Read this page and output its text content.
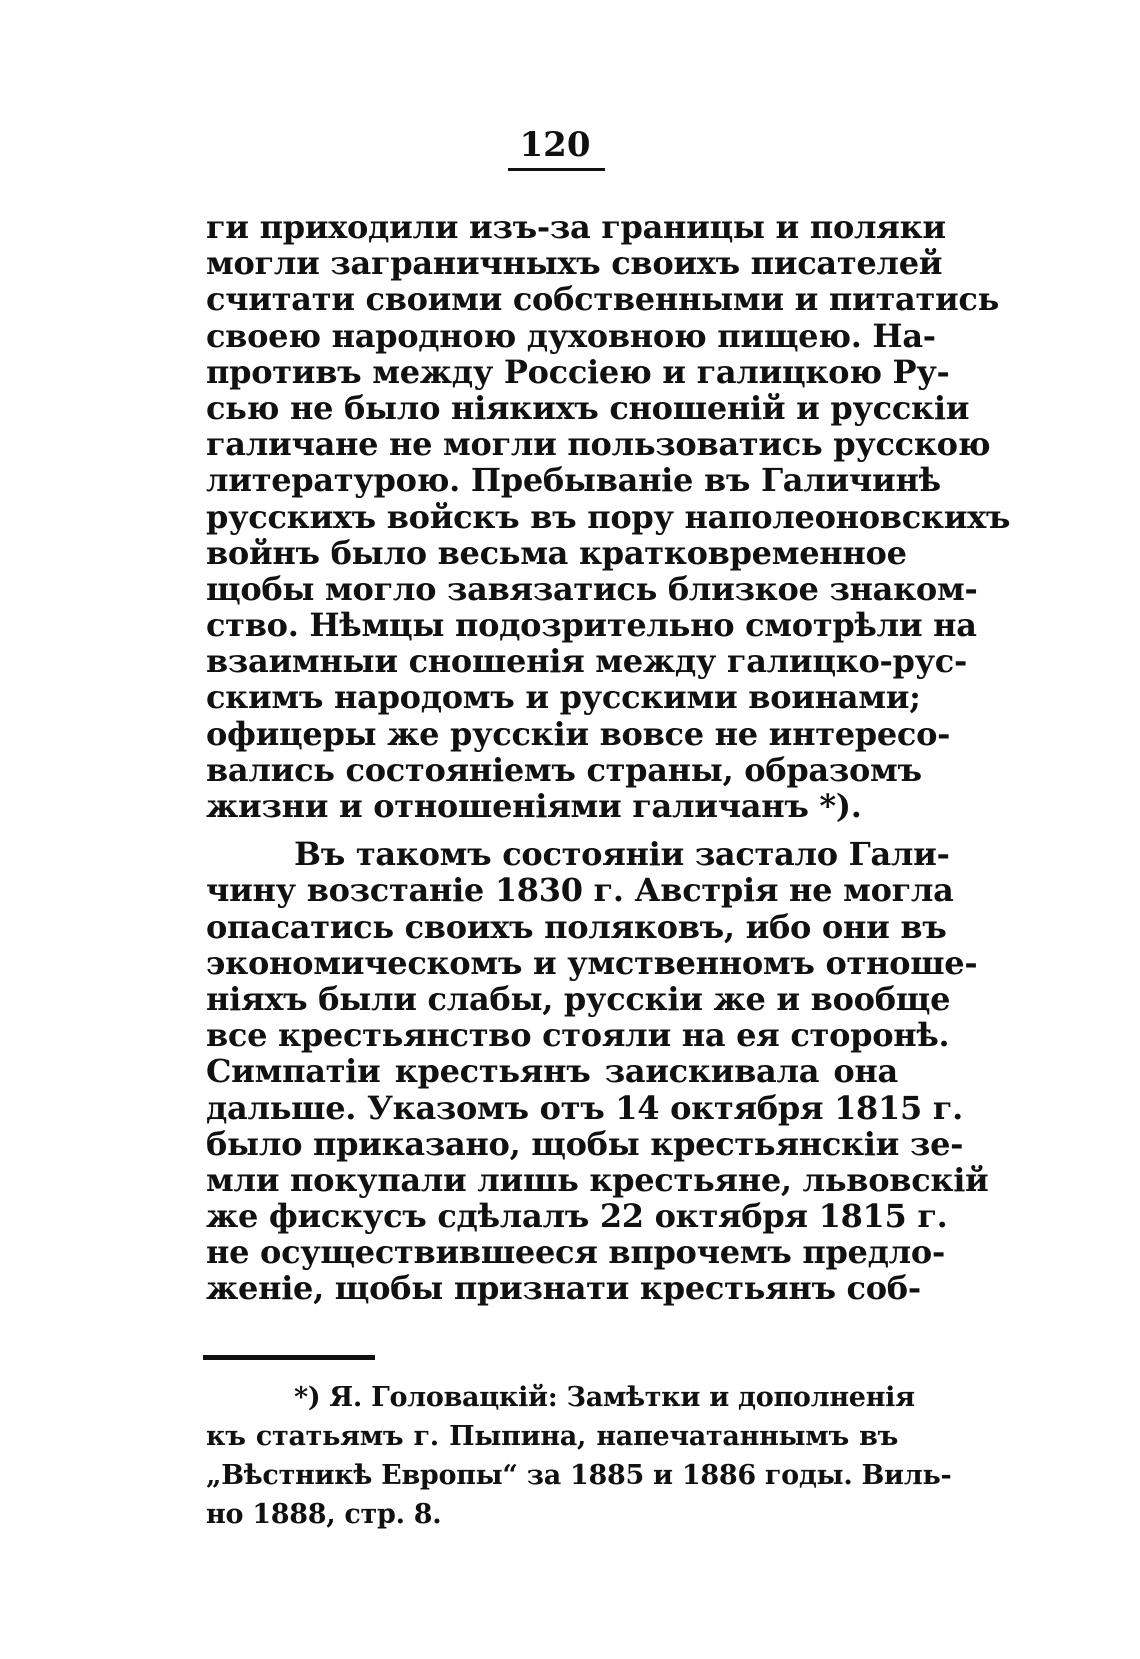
120
ги приходили изъ-за границы и поляки
могли заграничныхъ своихъ писателей
считати своими собственными и питатись
своею народною духовною пищею. На-
противъ между Россiею и галицкою Ру-
сью не было нiякихъ сношенiй и русскiи
галичане не могли пользоватись русскою
литературою. Пребыванiе въ Галичинѣ
русскихъ войскъ въ пору наполеоновскихъ
войнъ было весьма кратковременное
щобы могло завязатись близкое знаком-
ство. Нѣмцы подозрительно смотрѣли на
взаимныи сношенiя между галицко-рус-
скимъ народомъ и русскими воинами;
офицеры же русскiи вовсе не интересо-
вались состоянiемъ страны, образомъ
жизни и отношенiями галичанъ *).
Въ такомъ состоянiи застало Гали-
чину возстанiе 1830 г. Австрiя не могла
опасатись своихъ поляковъ, ибо они въ
экономическомъ и умственномъ отноше-
нiяхъ были слабы, русскiи же и вообще
все крестьянство стояли на ея сторонѣ.
Симпатiи крестьянъ заискивала она
дальше. Указомъ отъ 14 октября 1815 г.
было приказано, щобы крестьянскiи зе-
мли покупали лишь крестьяне, львовскiй
же фискусъ сдѣлалъ 22 октября 1815 г.
не осуществившееся впрочемъ предло-
женiе, щобы признати крестьянъ соб-
*) Я. Головацкiй: Замѣтки и дополненiя
къ статьямъ г. Пыпина, напечатаннымъ въ
„Вѣстникѣ Европы“ за 1885 и 1886 годы. Виль-
но 1888, стр. 8.
